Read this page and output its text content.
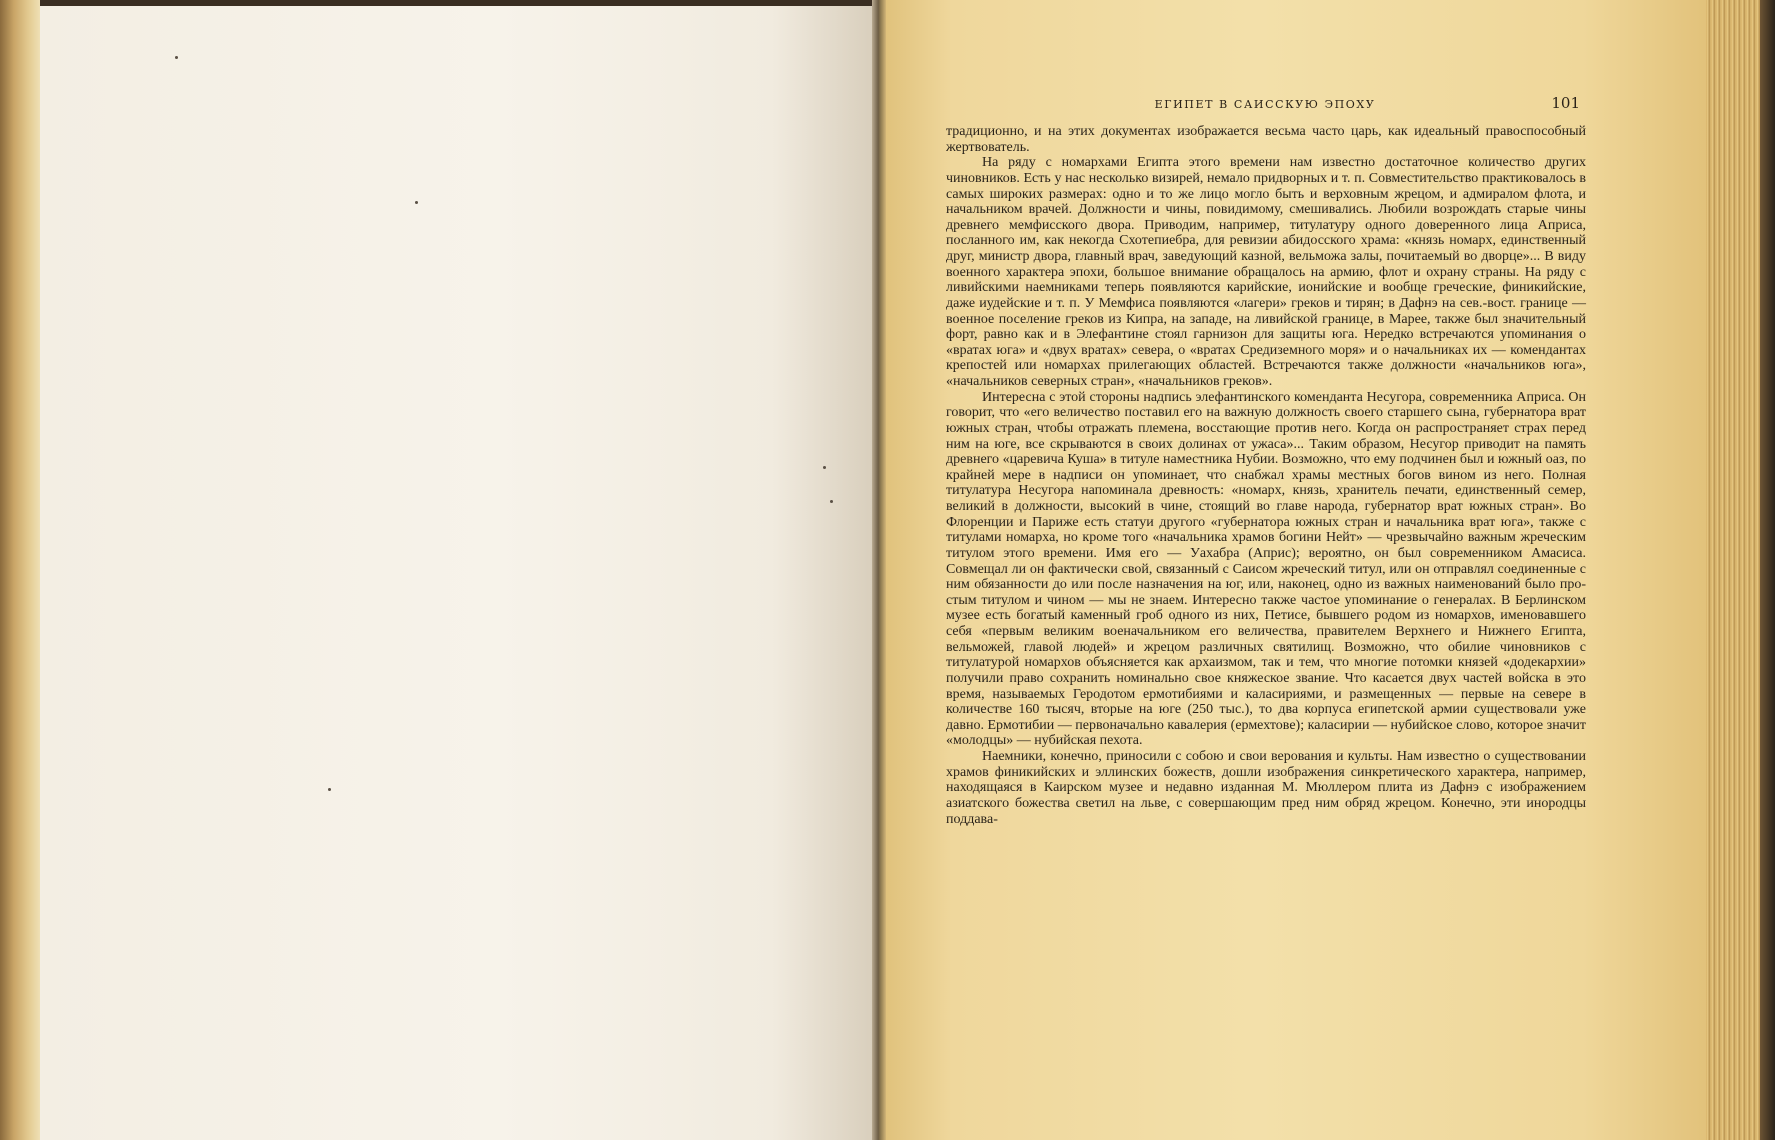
ЕГИПЕТ В САИССКУЮ ЭПОХУ	101

традиционно, и на этих документах изображается весьма часто царь, как идеальный правоспособный жертвователь.

На ряду с номархами Египта этого времени нам известно достаточное количество других чиновников. Есть у нас несколько визирей, немало придворных и т. п. Совместительство практиковалось в самых широких размерах: одно и то же лицо могло быть и верховным жрецом, и адмиралом флота, и начальником врачей. Должности и чины, повидимому, смешивались. Любили возрождать старые чины древнего мемфисского двора. Приводим, например, титулатуру одного доверенного лица Априса, посланного им, как некогда Схотепиебра, для ревизии абидосского храма: «князь номарх, единственный друг, министр двора, главный врач, заведующий казной, вельможа залы, почитаемый во дворце»... В виду военного характера эпохи, большое внимание обращалось на армию, флот и охрану страны. На ряду с ливийскими наемниками теперь появляются карийские, ионийские и вообще греческие, финикийские, даже иудейские и т. п. У Мемфиса появляются «лагери» греков и тирян; в Дафнэ на сев.-вост. границе — военное поселение греков из Кипра, на западе, на ливийской границе, в Марее, также был значительный форт, равно как и в Элефантине стоял гарнизон для защиты юга. Нередко встречаются упоминания о «вратах юга» и «двух вратах» севера, о «вратах Средиземного моря» и о начальниках их — комендантах крепостей или номархах прилегающих областей. Встречаются также должности «начальников юга», «начальников северных стран», «начальников греков».

Интересна с этой стороны надпись элефантинского коменданта Несугора, современника Априса. Он говорит, что «его величество поставил его на важную должность своего старшего сына, губернатора врат южных стран, чтобы отражать племена, восстающие против него. Когда он распространяет страх перед ним на юге, все скрываются в своих долинах от ужаса»... Таким образом, Несугор приводит на память древнего «царевича Куша» в титуле наместника Нубии. Возможно, что ему подчинен был и южный оаз, по крайней мере в надписи он упоминает, что снабжал храмы местных богов вином из него. Полная титулатура Несугора напоминала древность: «номарх, князь, хранитель печати, единственный семер, великий в должности, высокий в чине, стоящий во главе народа, губернатор врат южных стран». Во Флоренции и Париже есть статуи другого «губернатора южных стран и начальника врат юга», также с титулами номарха, но кроме того «начальника храмов богини Нейт» — чрезвычайно важным жреческим титулом этого времени. Имя его — Уахабра (Априс); вероятно, он был современником Амасиса. Совмещал ли он фактически свой, связанный с Саисом жреческий титул, или он отправлял соединенные с ним обязанности до или после назначения на юг, или, наконец, одно из важных наименований было простым титулом и чином — мы не знаем. Интересно также частое упоминание о генералах. В Берлинском музее есть богатый каменный гроб одного из них, Петисе, бывшего родом из номархов, именовавшего себя «первым великим военачальником его величества, правителем Верхнего и Нижнего Египта, вельможей, главой людей» и жрецом различных святилищ. Возможно, что обилие чиновников с титулатурой номархов объясняется как архаизмом, так и тем, что многие потомки князей «додекархии» получили право сохранить номинально свое княжеское звание. Что касается двух частей войска в это время, называемых Геродотом ермотибиями и каласириями, и размещенных — первые на севере в количестве 160 тысяч, вторые на юге (250 тыс.), то два корпуса египетской армии существовали уже давно. Ермотибии — первоначально кавалерия (ермехтове); каласирии — нубийское слово, которое значит «молодцы» — нубийская пехота.

Наемники, конечно, приносили с собою и свои верования и культы. Нам известно о существовании храмов финикийских и эллинских божеств, дошли изображения синкретического характера, например, находящаяся в Каирском музее и недавно изданная М. Мюллером плита из Дафнэ с изображением азиатского божества светил на льве, с совершающим пред ним обряд жрецом. Конечно, эти инородцы поддава-
